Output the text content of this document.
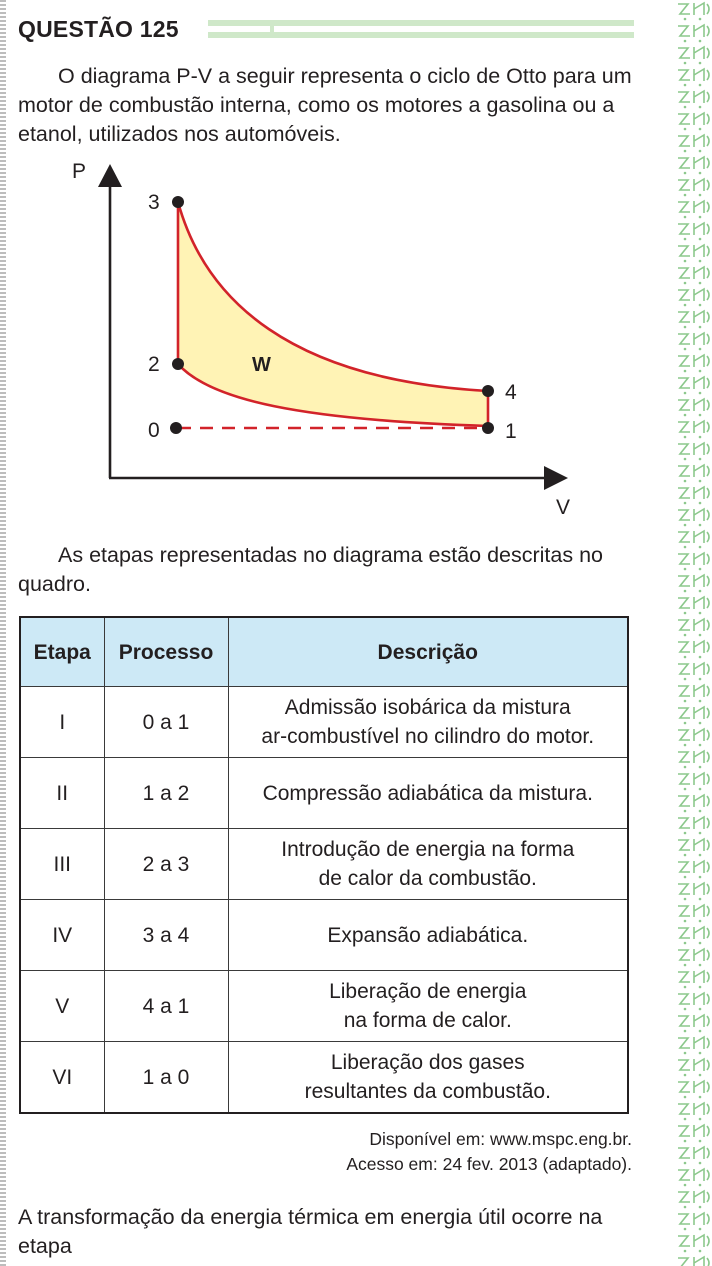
QUESTÃO 125

O diagrama P-V a seguir representa o ciclo de Otto para um motor de combustão interna, como os motores a gasolina ou a etanol, utilizados nos automóveis.

P
V
W
3
2
0
4
1

As etapas representadas no diagrama estão descritas no quadro.

Etapa	Processo	Descrição
I	0 a 1	Admissão isobárica da mistura
ar-combustível no cilindro do motor.

II	1 a 2	Compressão adiabática da mistura.

III	2 a 3	Introdução de energia na forma
de calor da combustão.

IV	3 a 4	Expansão adiabática.

V	4 a 1	Liberação de energia
na forma de calor.

VI	1 a 0	Liberação dos gases
resultantes da combustão.
Disponível em: www.mspc.eng.br.
Acesso em: 24 fev. 2013 (adaptado).

A transformação da energia térmica em energia útil ocorre na etapa
